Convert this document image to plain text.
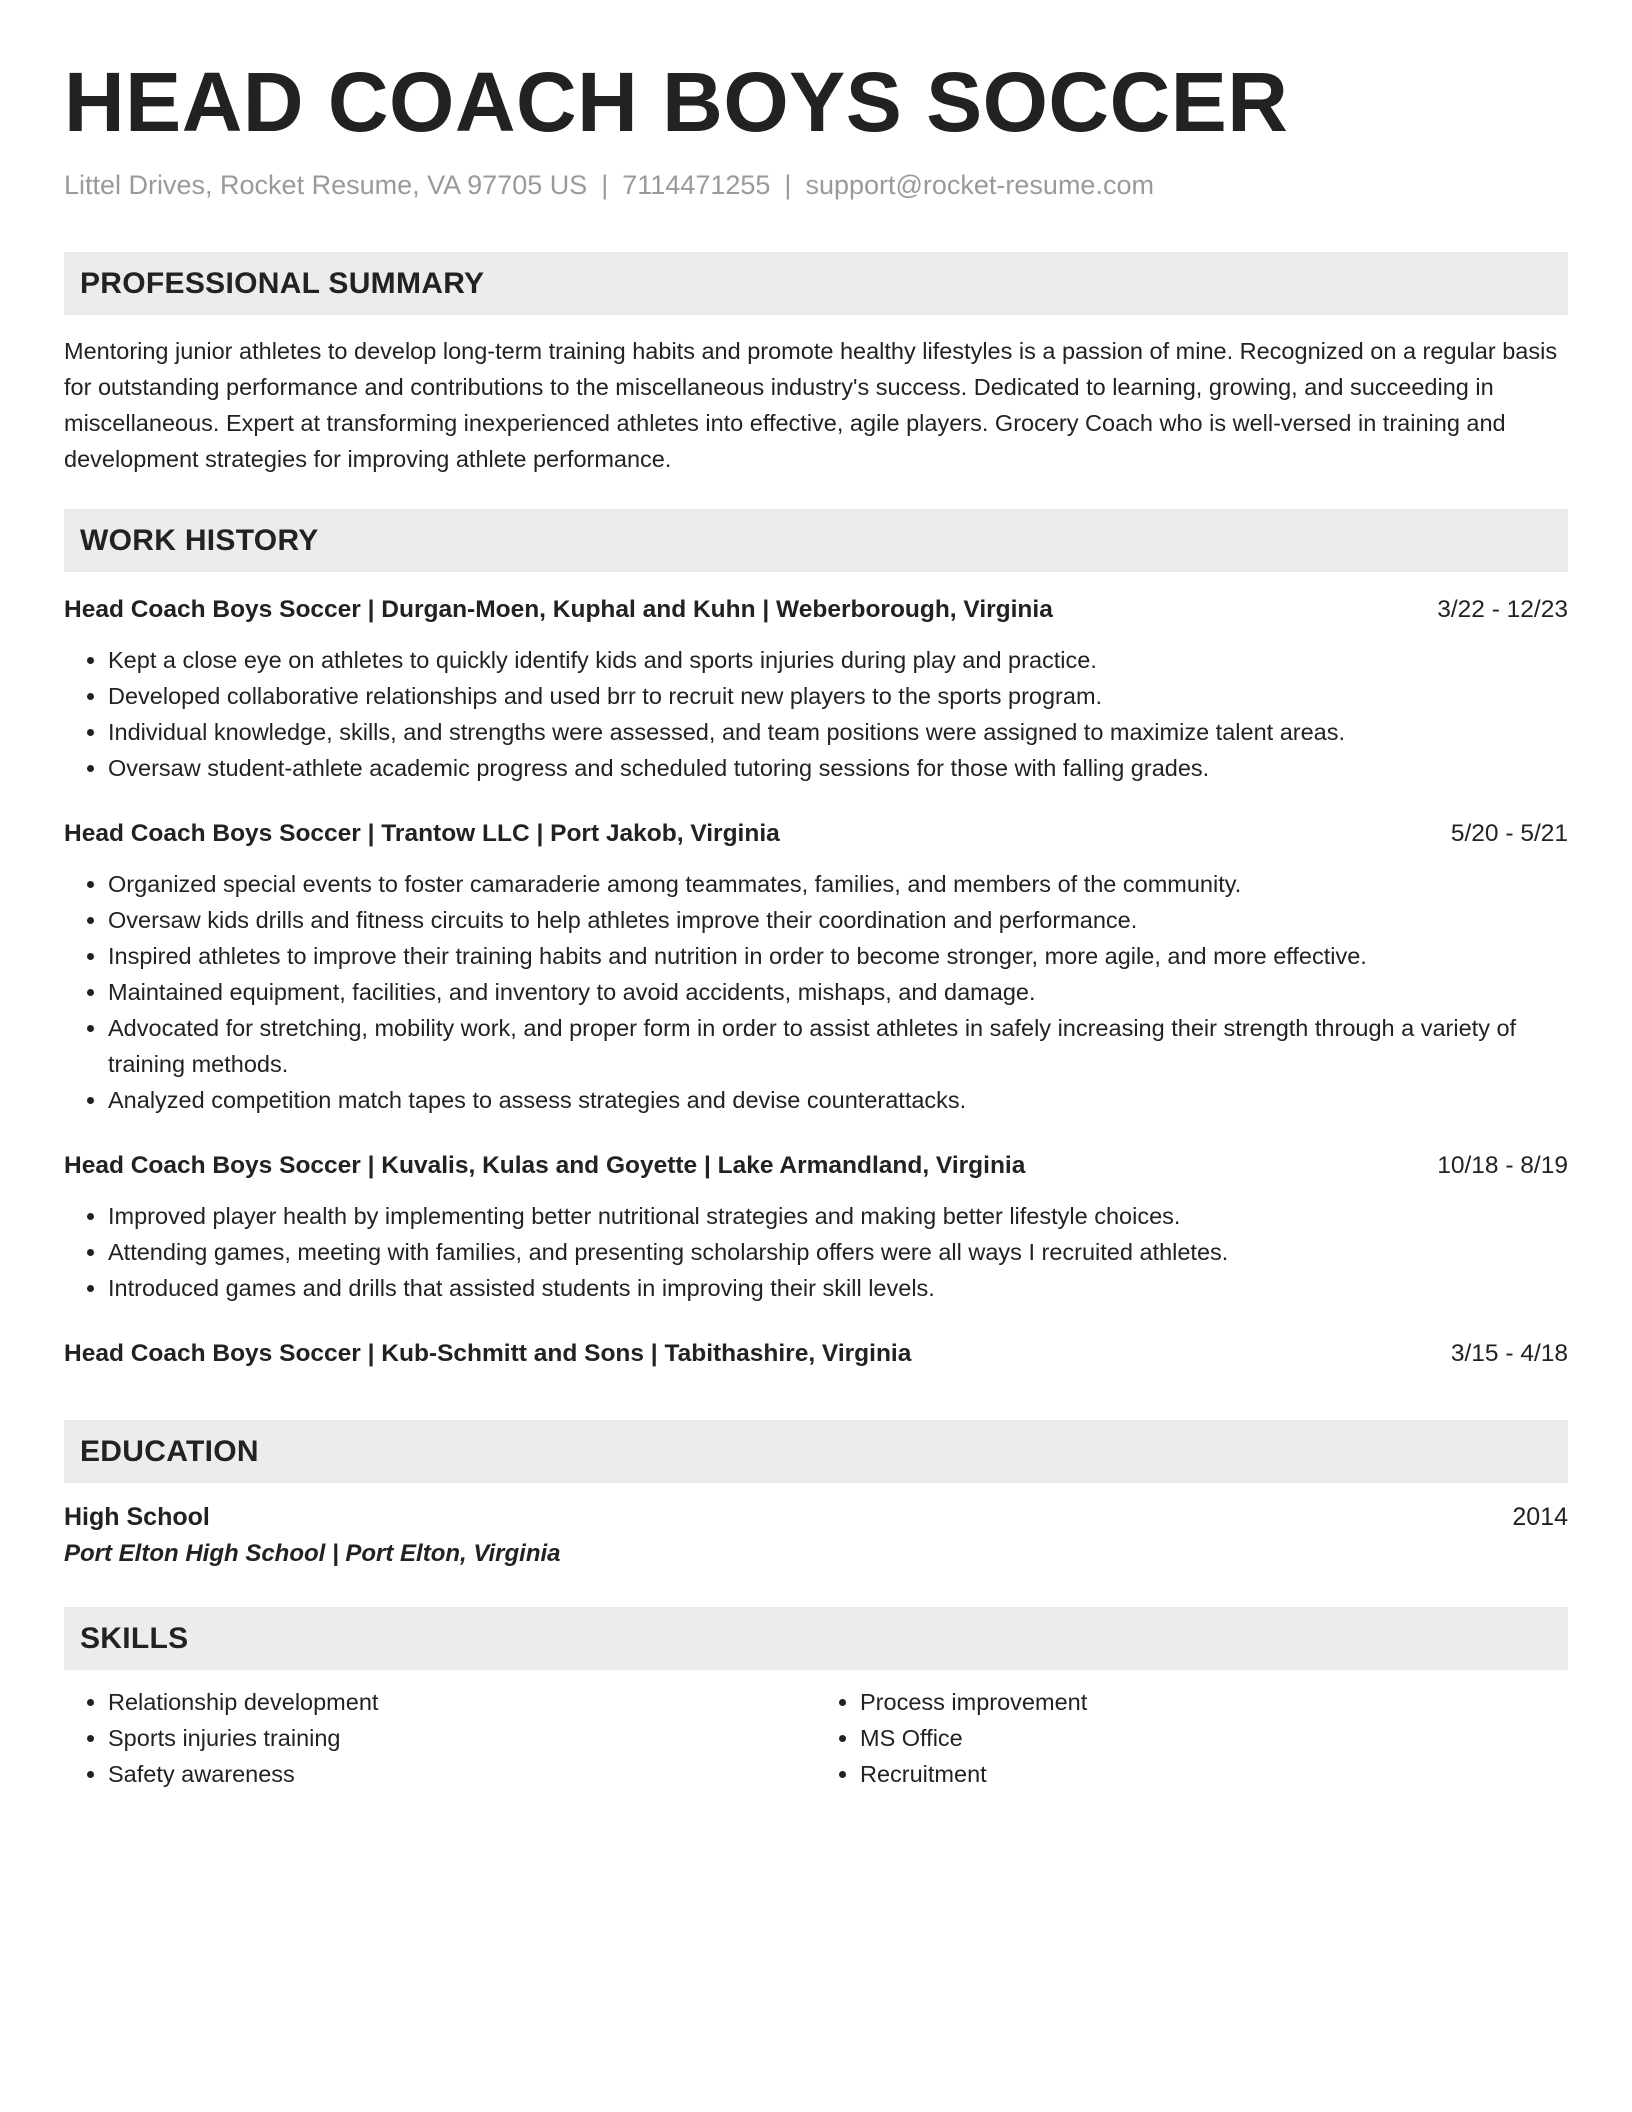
HEAD COACH BOYS SOCCER
Littel Drives, Rocket Resume, VA 97705 US | 7114471255 | support@rocket-resume.com
PROFESSIONAL SUMMARY
Mentoring junior athletes to develop long-term training habits and promote healthy lifestyles is a passion of mine. Recognized on a regular basis for outstanding performance and contributions to the miscellaneous industry's success. Dedicated to learning, growing, and succeeding in miscellaneous. Expert at transforming inexperienced athletes into effective, agile players. Grocery Coach who is well-versed in training and development strategies for improving athlete performance.
WORK HISTORY
Head Coach Boys Soccer | Durgan-Moen, Kuphal and Kuhn | Weberborough, Virginia	3/22 - 12/23
• Kept a close eye on athletes to quickly identify kids and sports injuries during play and practice.
• Developed collaborative relationships and used brr to recruit new players to the sports program.
• Individual knowledge, skills, and strengths were assessed, and team positions were assigned to maximize talent areas.
• Oversaw student-athlete academic progress and scheduled tutoring sessions for those with falling grades.
Head Coach Boys Soccer | Trantow LLC | Port Jakob, Virginia	5/20 - 5/21
• Organized special events to foster camaraderie among teammates, families, and members of the community.
• Oversaw kids drills and fitness circuits to help athletes improve their coordination and performance.
• Inspired athletes to improve their training habits and nutrition in order to become stronger, more agile, and more effective.
• Maintained equipment, facilities, and inventory to avoid accidents, mishaps, and damage.
• Advocated for stretching, mobility work, and proper form in order to assist athletes in safely increasing their strength through a variety of training methods.
• Analyzed competition match tapes to assess strategies and devise counterattacks.
Head Coach Boys Soccer | Kuvalis, Kulas and Goyette | Lake Armandland, Virginia	10/18 - 8/19
• Improved player health by implementing better nutritional strategies and making better lifestyle choices.
• Attending games, meeting with families, and presenting scholarship offers were all ways I recruited athletes.
• Introduced games and drills that assisted students in improving their skill levels.
Head Coach Boys Soccer | Kub-Schmitt and Sons | Tabithashire, Virginia	3/15 - 4/18
EDUCATION
High School	2014
Port Elton High School | Port Elton, Virginia
SKILLS
• Relationship development
• Sports injuries training
• Safety awareness
• Process improvement
• MS Office
• Recruitment
